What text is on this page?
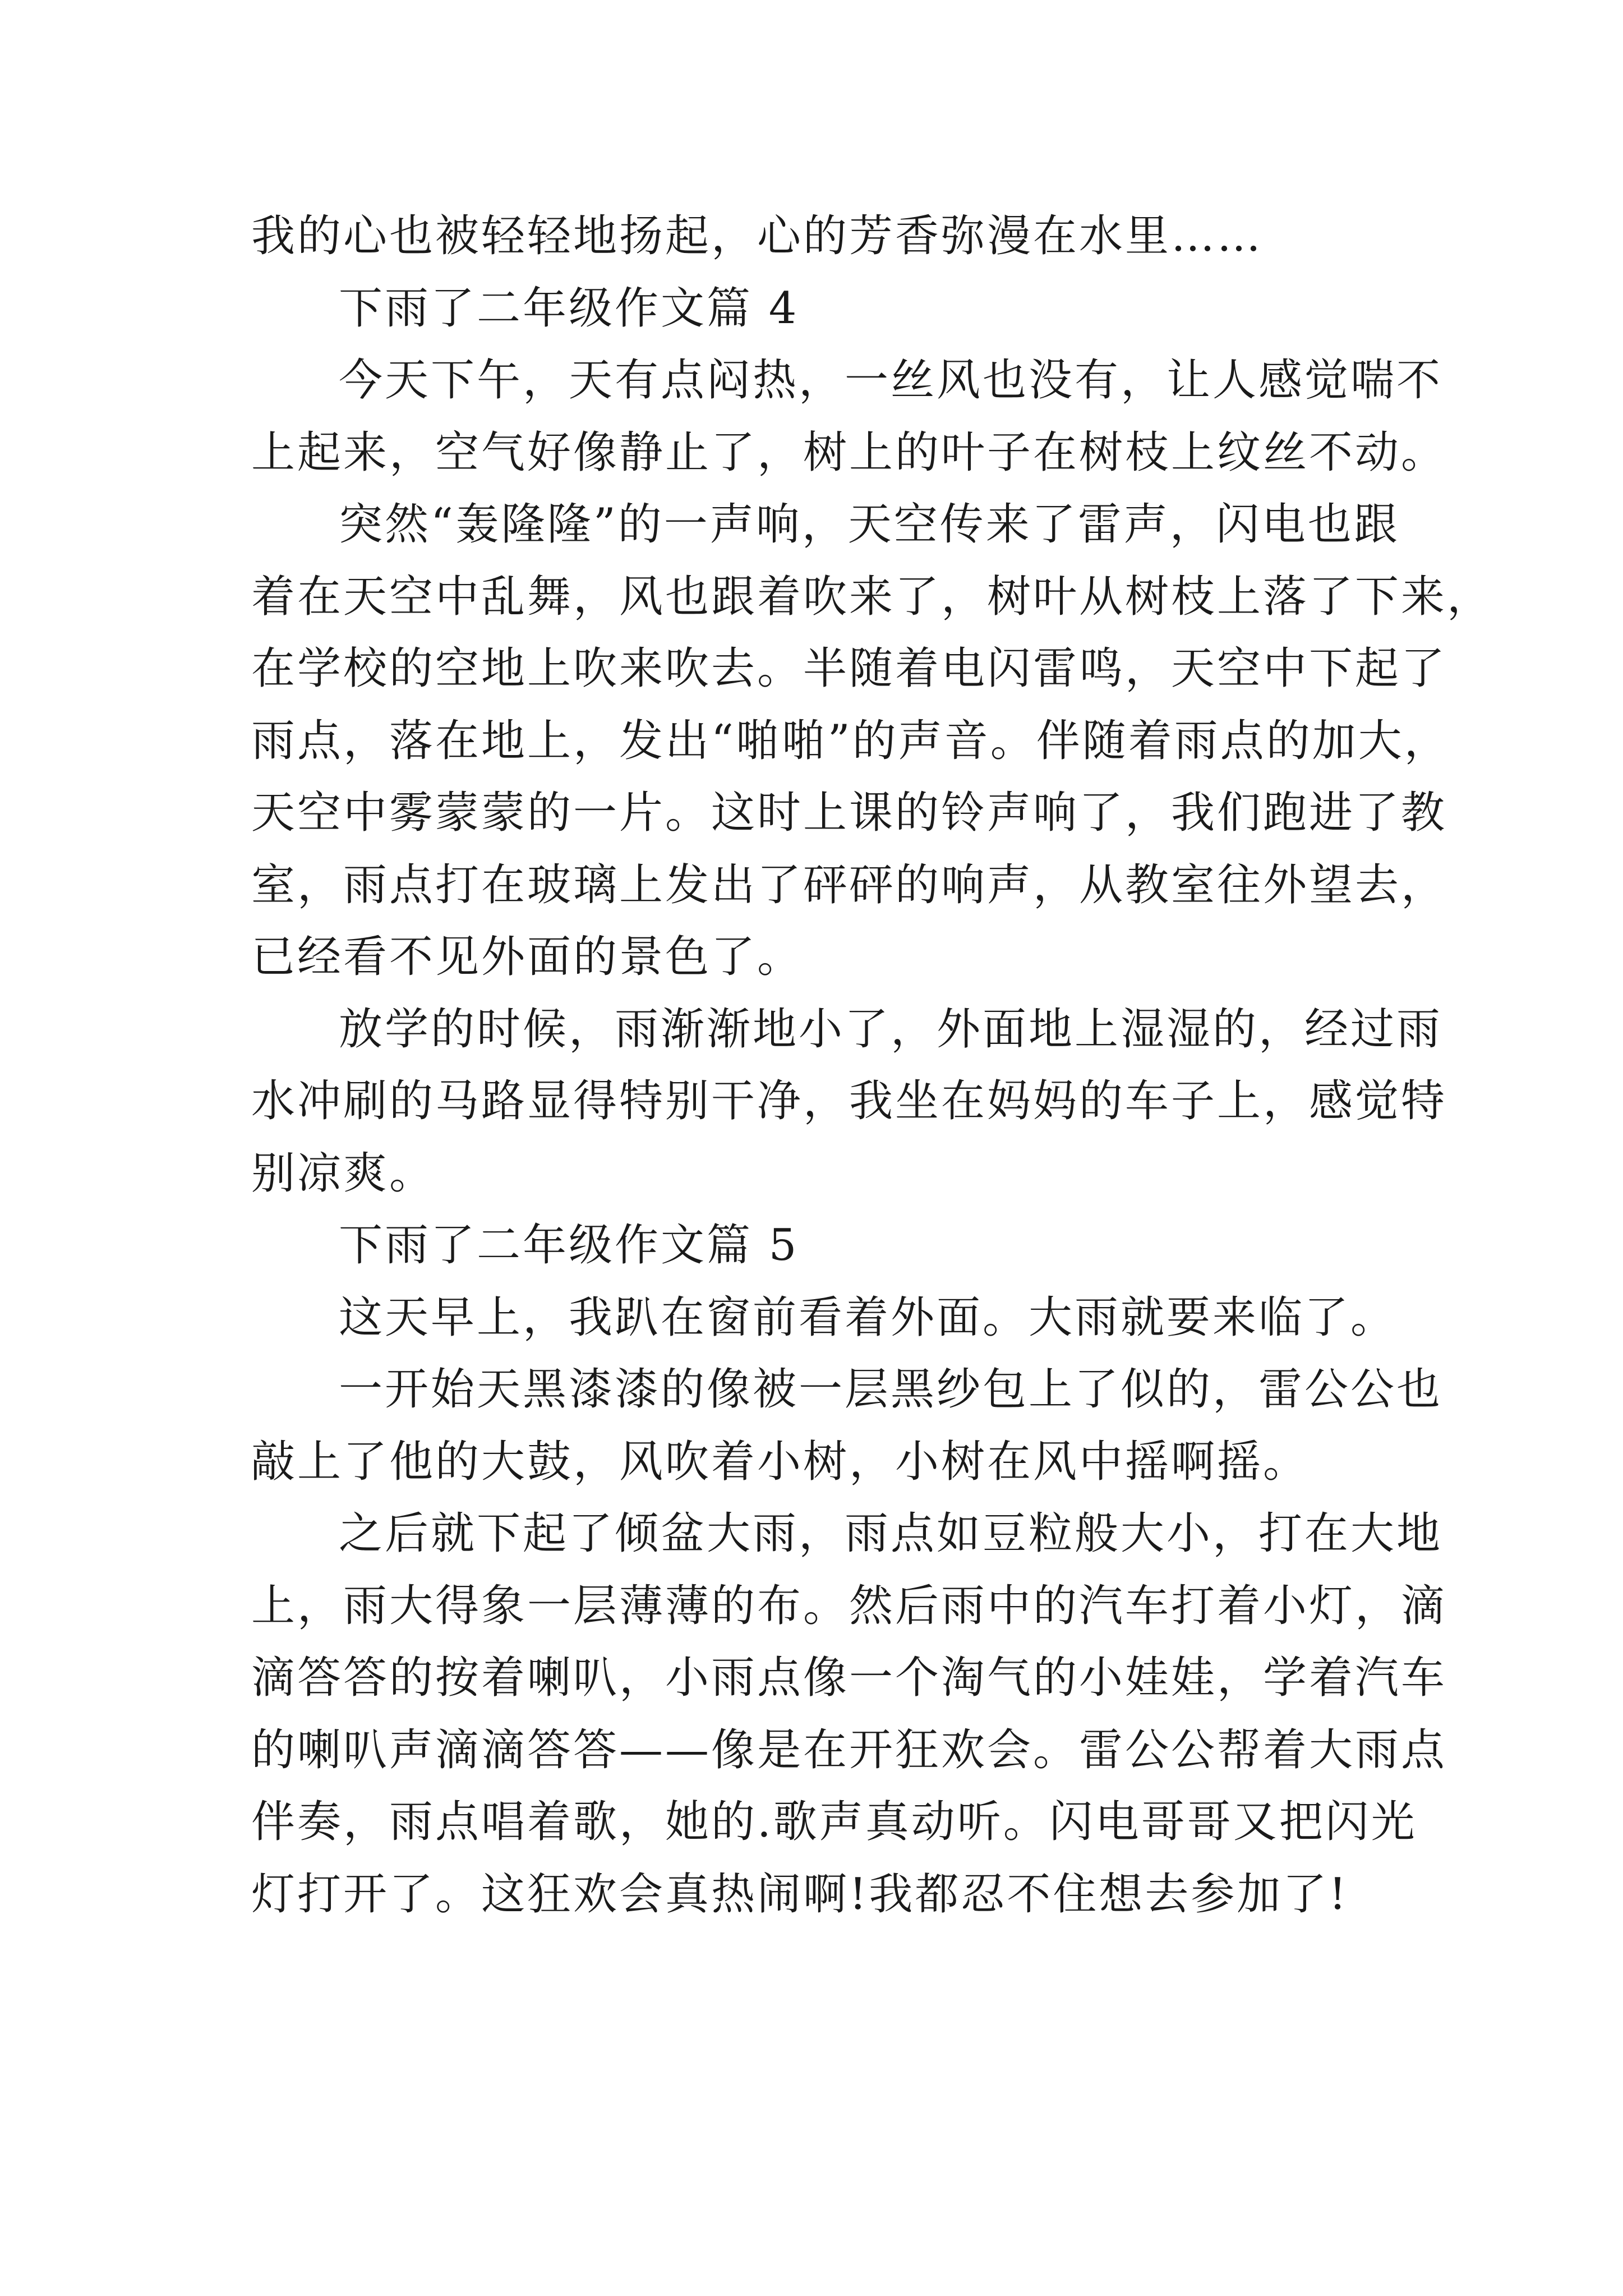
我的心也被轻轻地扬起，心的芳香弥漫在水里……
下雨了二年级作文篇 4
今天下午，天有点闷热，一丝风也没有，让人感觉喘不
上起来，空气好像静止了，树上的叶子在树枝上纹丝不动。
突然“轰隆隆”的一声响，天空传来了雷声，闪电也跟
着在天空中乱舞，风也跟着吹来了，树叶从树枝上落了下来，
在学校的空地上吹来吹去。半随着电闪雷鸣，天空中下起了
雨点，落在地上，发出“啪啪”的声音。伴随着雨点的加大，
天空中雾蒙蒙的一片。这时上课的铃声响了，我们跑进了教
室，雨点打在玻璃上发出了砰砰的响声，从教室往外望去，
已经看不见外面的景色了。
放学的时候，雨渐渐地小了，外面地上湿湿的，经过雨
水冲刷的马路显得特别干净，我坐在妈妈的车子上，感觉特
别凉爽。
下雨了二年级作文篇 5
这天早上，我趴在窗前看着外面。大雨就要来临了。
一开始天黑漆漆的像被一层黑纱包上了似的，雷公公也
敲上了他的大鼓，风吹着小树，小树在风中摇啊摇。
之后就下起了倾盆大雨，雨点如豆粒般大小，打在大地
上，雨大得象一层薄薄的布。然后雨中的汽车打着小灯，滴
滴答答的按着喇叭，小雨点像一个淘气的小娃娃，学着汽车
的喇叭声滴滴答答——像是在开狂欢会。雷公公帮着大雨点
伴奏，雨点唱着歌，她的.歌声真动听。闪电哥哥又把闪光
灯打开了。这狂欢会真热闹啊!我都忍不住想去参加了!
